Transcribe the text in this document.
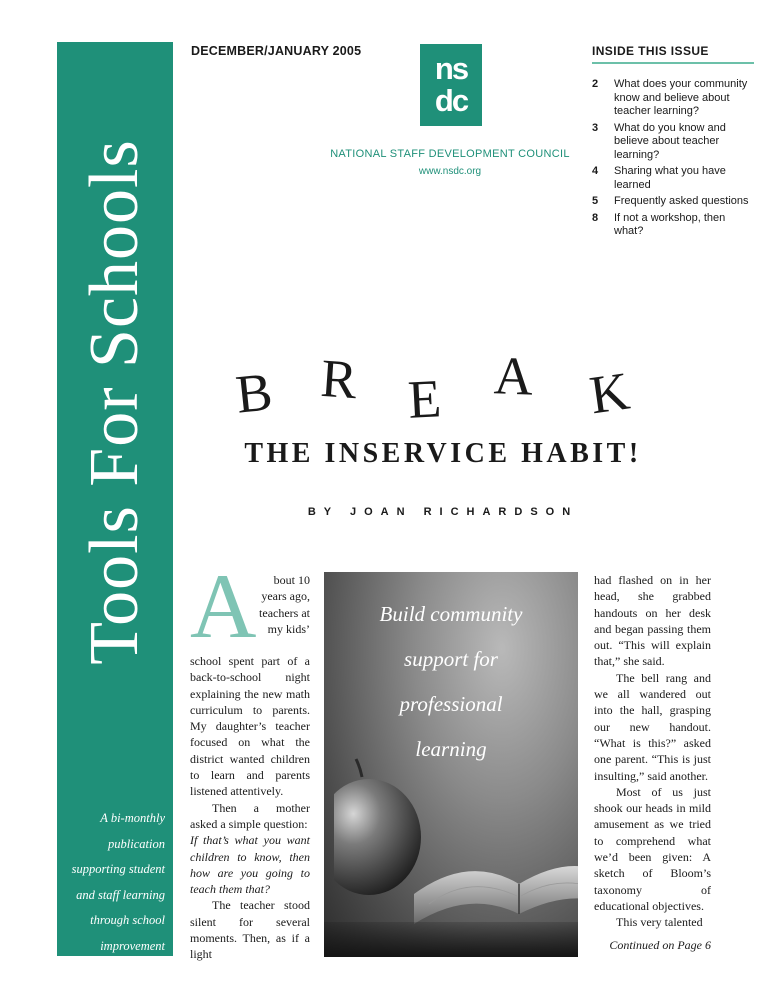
Tools For Schools
TM
A bi-monthly
publication
supporting student
and staff learning
through school
improvement
DECEMBER/JANUARY 2005	ns
dc
NATIONAL STAFF DEVELOPMENT COUNCIL
www.nsdc.org
INSIDE THIS ISSUE
2	What does your community know and believe about teacher learning?
3	What do you know and believe about teacher learning?
4	Sharing what you have learned
5	Frequently asked questions
8	If not a workshop, then what?
B R E A K
THE INSERVICE HABIT!
BY JOAN RICHARDSON
A	bout 10 years ago, teachers at my kids’

school spent part of a back-to-school night explaining the new math curriculum to parents. My daughter’s teacher focused on what the district wanted children to learn and parents listened attentively.

Then a mother asked a simple question:

If that’s what you want children to know, then how are you going to teach them that?

The teacher stood silent for several moments. Then, as if a light

Build community
support for
professional
learning

had flashed on in her head, she grabbed handouts on her desk and began passing them out. “This will explain that,” she said.

The bell rang and we all wandered out into the hall, grasping our new handout. “What is this?” asked one parent. “This is just insulting,” said another.

Most of us just shook our heads in mild amusement as we tried to comprehend what we’d been given: A sketch of Bloom’s taxonomy of educational objectives.

This very talented

Continued on Page 6
